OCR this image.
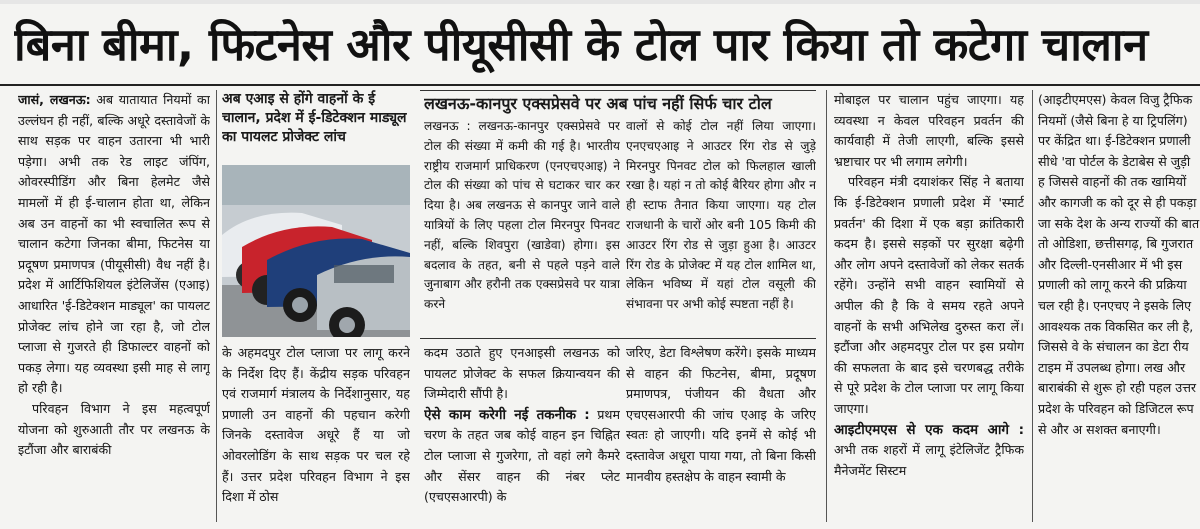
बिना बीमा, फिटनेस और पीयूसीसी के टोल पार किया तो कटेगा चालान
जासं, लखनऊ: अब यातायात नियमों का उल्लंघन ही नहीं, बल्कि अधूरे दस्तावेजों के साथ सड़क पर वाहन उतारना भी भारी पड़ेगा। अभी तक रेड लाइट जंपिंग, ओवरस्पीडिंग और बिना हेलमेट जैसे मामलों में ही ई-चालान होता था, लेकिन अब उन वाहनों का भी स्वचालित रूप से चालान कटेगा जिनका बीमा, फिटनेस या प्रदूषण प्रमाणपत्र (पीयूसीसी) वैध नहीं है। प्रदेश में आर्टिफिशियल इंटेलिजेंस (एआइ) आधारित 'ई-डिटेक्शन माड्यूल' का पायलट प्रोजेक्ट लांच होने जा रहा है, जो टोल प्लाजा से गुजरते ही डिफाल्टर वाहनों को पकड़ लेगा। यह व्यवस्था इसी माह से लागू हो रही है।
परिवहन विभाग ने इस महत्वपूर्ण योजना को शुरुआती तौर पर लखनऊ के इटौंजा और बाराबंकी
अब एआइ से होंगे वाहनों के ई चालान, प्रदेश में ई-डिटेक्शन माड्यूल का पायलट प्रोजेक्ट लांच
के अहमदपुर टोल प्लाजा पर लागू करने के निर्देश दिए हैं। केंद्रीय सड़क परिवहन एवं राजमार्ग मंत्रालय के निर्देशानुसार, यह प्रणाली उन वाहनों की पहचान करेगी जिनके दस्तावेज अधूरे हैं या जो ओवरलोडिंग के साथ सड़क पर चल रहे हैं। उत्तर प्रदेश परिवहन विभाग ने इस दिशा में ठोस
लखनऊ-कानपुर एक्सप्रेसवे पर अब पांच नहीं सिर्फ चार टोल
लखनऊ : लखनऊ-कानपुर एक्सप्रेसवे पर टोल की संख्या में कमी की गई है। भारतीय राष्ट्रीय राजमार्ग प्राधिकरण (एनएचएआइ) ने टोल की संख्या को पांच से घटाकर चार कर दिया है। अब लखनऊ से कानपुर जाने वाले यात्रियों के लिए पहला टोल मिरनपुर पिनवट नहीं, बल्कि शिवपुरा (खाडेवा) होगा। इस बदलाव के तहत, बनी से पहले पड़ने वाले जुनाबाग और हरौनी तक एक्सप्रेसवे पर यात्रा करने
वालों से कोई टोल नहीं लिया जाएगा। एनएचएआइ ने आउटर रिंग रोड से जुड़े मिरनपुर पिनवट टोल को फिलहाल खाली रखा है। यहां न तो कोई बैरियर होगा और न ही स्टाफ तैनात किया जाएगा। यह टोल राजधानी के चारों ओर बनी 105 किमी की आउटर रिंग रोड से जुड़ा हुआ है। आउटर रिंग रोड के प्रोजेक्ट में यह टोल शामिल था, लेकिन भविष्य में यहां टोल वसूली की संभावना पर अभी कोई स्पष्टता नहीं है।
कदम उठाते हुए एनआइसी लखनऊ को पायलट प्रोजेक्ट के सफल क्रियान्वयन की जिम्मेदारी सौंपी है।
ऐसे काम करेगी नई तकनीक : प्रथम चरण के तहत जब कोई वाहन इन चिह्नित टोल प्लाजा से गुजरेगा, तो वहां लगे कैमरे और सेंसर वाहन की नंबर प्लेट (एचएसआरपी) के
जरिए, डेटा विश्लेषण करेंगे। इसके माध्यम से वाहन की फिटनेस, बीमा, प्रदूषण प्रमाणपत्र, पंजीयन की वैधता और एचएसआरपी की जांच एआइ के जरिए स्वतः हो जाएगी। यदि इनमें से कोई भी दस्तावेज अधूरा पाया गया, तो बिना किसी मानवीय हस्तक्षेप के वाहन स्वामी के
मोबाइल पर चालान पहुंच जाएगा। यह व्यवस्था न केवल परिवहन प्रवर्तन की कार्यवाही में तेजी लाएगी, बल्कि इससे भ्रष्टाचार पर भी लगाम लगेगी।
परिवहन मंत्री दयाशंकर सिंह ने बताया कि ई-डिटेक्शन प्रणाली प्रदेश में 'स्मार्ट प्रवर्तन' की दिशा में एक बड़ा क्रांतिकारी कदम है। इससे सड़कों पर सुरक्षा बढ़ेगी और लोग अपने दस्तावेजों को लेकर सतर्क रहेंगे। उन्होंने सभी वाहन स्वामियों से अपील की है कि वे समय रहते अपने वाहनों के सभी अभिलेख दुरुस्त करा लें। इटौंजा और अहमदपुर टोल पर इस प्रयोग की सफलता के बाद इसे चरणबद्ध तरीके से पूरे प्रदेश के टोल प्लाजा पर लागू किया जाएगा।
आइटीएमएस से एक कदम आगे : अभी तक शहरों में लागू इंटेलिजेंट ट्रैफिक मैनेजमेंट सिस्टम
(आइटीएमएस) केवल विजु ट्रैफिक नियमों (जैसे बिना हे या ट्रिपलिंग) पर केंद्रित था। ई-डिटेक्शन प्रणाली सीधे 'वा पोर्टल के डेटाबेस से जुड़ी ह जिससे वाहनों की तक खामियों और कागजी क को दूर से ही पकड़ा जा सके देश के अन्य राज्यों की बात तो ओडिशा, छत्तीसगढ़, बि गुजरात और दिल्ली-एनसीआर में भी इस प्रणाली को लागू करने की प्रक्रिया चल रही है। एनएचए ने इसके लिए आवश्यक तक विकसित कर ली है, जिससे वे के संचालन का डेटा रीय टाइम में उपलब्ध होगा। लख और बाराबंकी से शुरू हो रही पहल उत्तर प्रदेश के परिवहन को डिजिटल रूप से और अ सशक्त बनाएगी।
